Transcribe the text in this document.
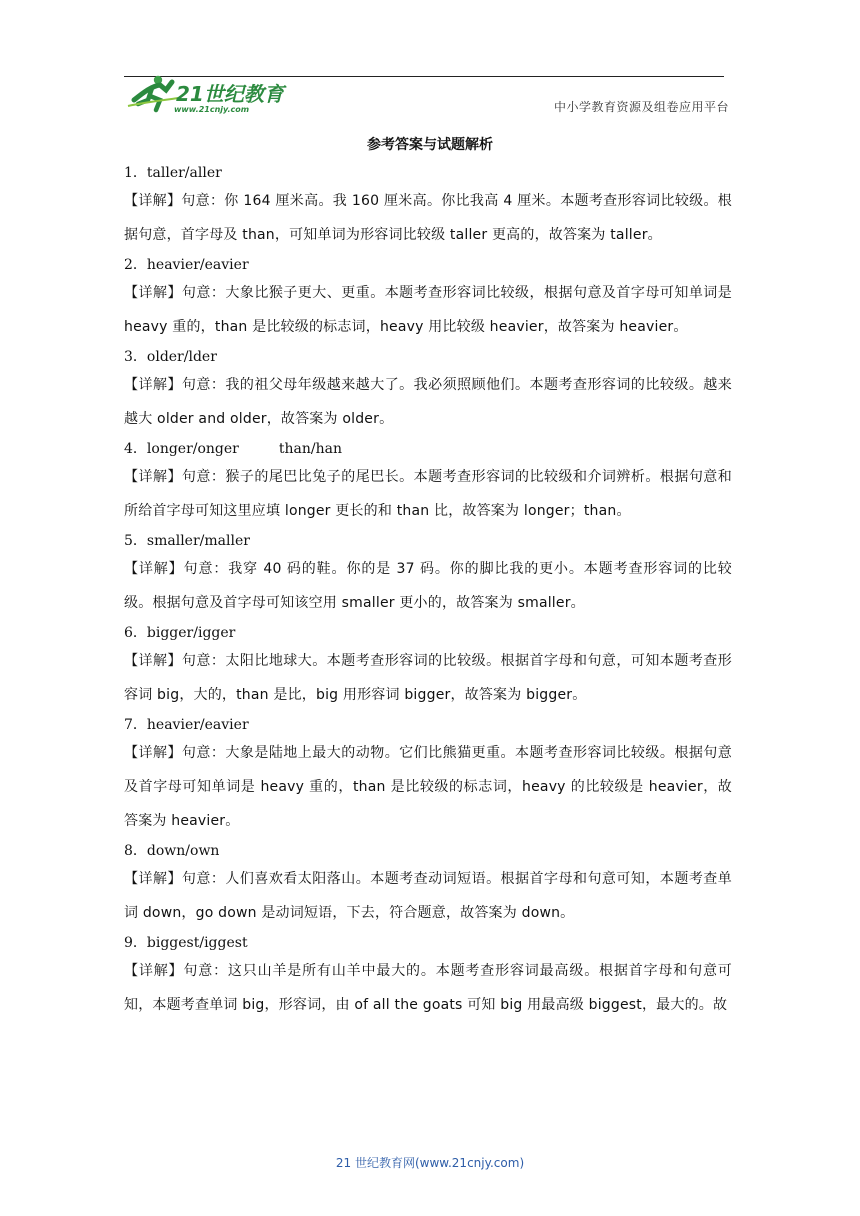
21世纪教育
www.21cnjy.com	中小学教育资源及组卷应用平台
参考答案与试题解析
1．taller/aller
【详解】句意：你 164 厘米高。我 160 厘米高。你比我高 4 厘米。本题考查形容词比较级。根据句意，首字母及 than，可知单词为形容词比较级 taller 更高的，故答案为 taller。
2．heavier/eavier
【详解】句意：大象比猴子更大、更重。本题考查形容词比较级，根据句意及首字母可知单词是 heavy 重的，than 是比较级的标志词，heavy 用比较级 heavier，故答案为 heavier。
3．older/lder
【详解】句意：我的祖父母年级越来越大了。我必须照顾他们。本题考查形容词的比较级。越来越大 older and older，故答案为 older。
4．longer/onger	than/han
【详解】句意：猴子的尾巴比兔子的尾巴长。本题考查形容词的比较级和介词辨析。根据句意和所给首字母可知这里应填 longer 更长的和 than 比，故答案为 longer；than。
5．smaller/maller
【详解】句意：我穿 40 码的鞋。你的是 37 码。你的脚比我的更小。本题考查形容词的比较级。根据句意及首字母可知该空用 smaller 更小的，故答案为 smaller。
6．bigger/igger
【详解】句意：太阳比地球大。本题考查形容词的比较级。根据首字母和句意，可知本题考查形容词 big，大的，than 是比，big 用形容词 bigger，故答案为 bigger。
7．heavier/eavier
【详解】句意：大象是陆地上最大的动物。它们比熊猫更重。本题考查形容词比较级。根据句意及首字母可知单词是 heavy 重的，than 是比较级的标志词，heavy 的比较级是 heavier，故答案为 heavier。
8．down/own
【详解】句意：人们喜欢看太阳落山。本题考查动词短语。根据首字母和句意可知，本题考查单词 down，go down 是动词短语，下去，符合题意，故答案为 down。
9．biggest/iggest
【详解】句意：这只山羊是所有山羊中最大的。本题考查形容词最高级。根据首字母和句意可知，本题考查单词 big，形容词，由 of all the goats 可知 big 用最高级 biggest，最大的。故
21 世纪教育网(www.21cnjy.com)
